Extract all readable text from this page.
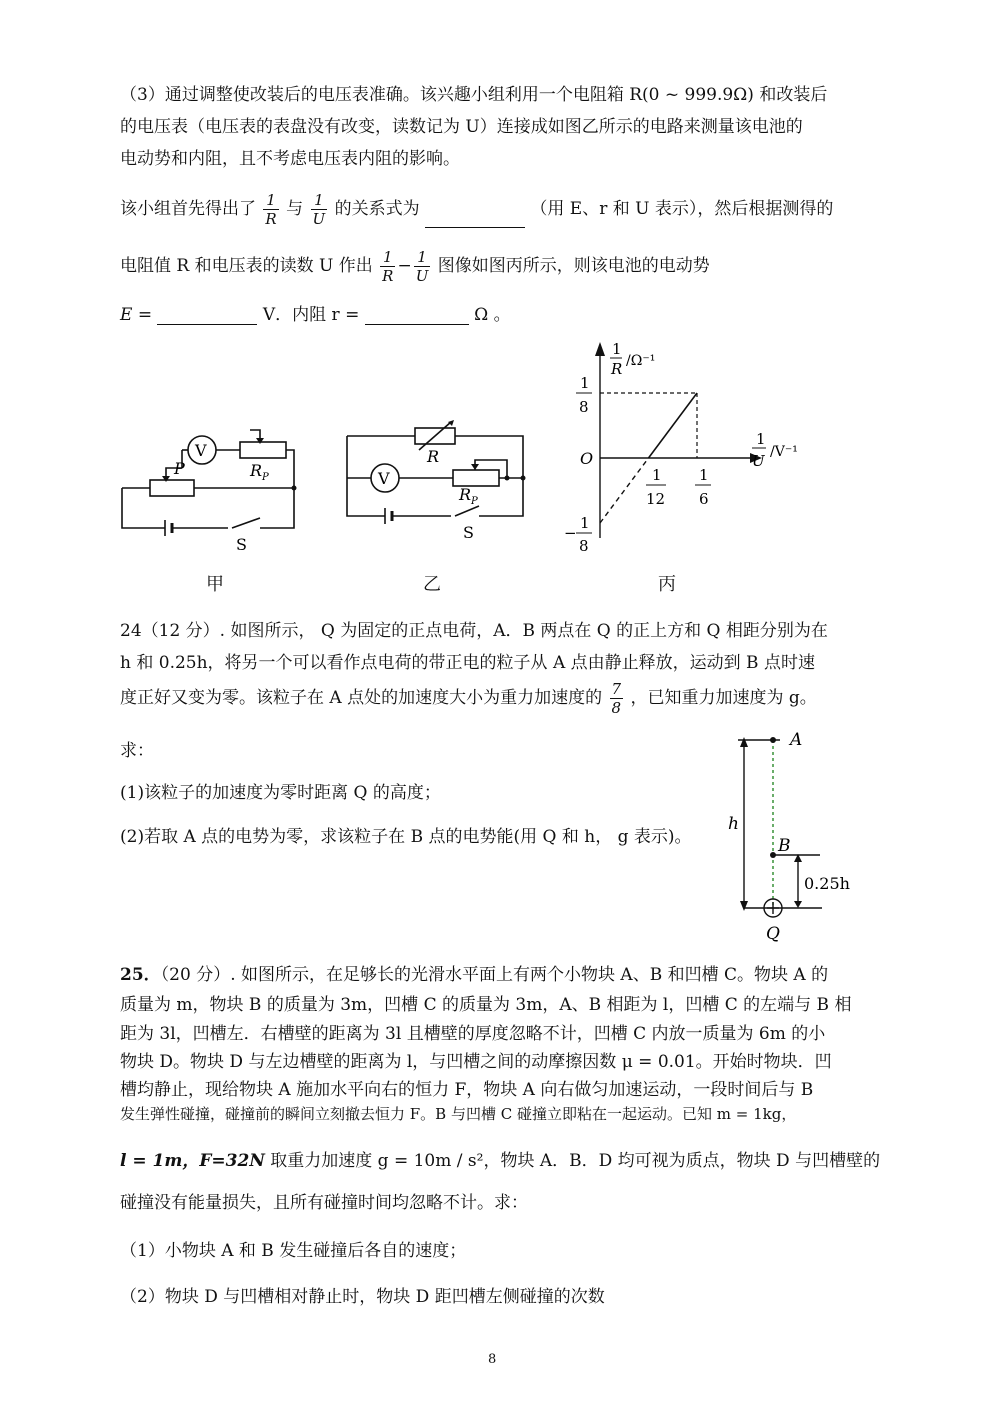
（3）通过调整使改装后的电压表准确。该兴趣小组利用一个电阻箱 R(0 ~ 999.9Ω) 和改装后
的电压表（电压表的表盘没有改变，读数记为 U）连接成如图乙所示的电路来测量该电池的
电动势和内阻，且不考虑电压表内阻的影响。
该小组首先得出了 $\frac{1}{R}$ 与 $\frac{1}{U}$ 的关系式为	（用 E、r 和 U 表示），然后根据测得的
电阻值 R 和电压表的读数 U 作出 $\frac{1}{R} - \frac{1}{U}$ 图像如图丙所示，则该电池的电动势
E =	V．内阻 r =	Ω 。
V
P	R P
S
甲
V
R
R P
S
乙
1
R /Ω⁻¹
1
U /V⁻¹
O
1
8
−
1
8
1
12
1
6
丙
24（12 分）. 如图所示， Q 为固定的正点电荷，A．B 两点在 Q 的正上方和 Q 相距分别为在
h 和 0.25h，将另一个可以看作点电荷的带正电的粒子从 A 点由静止释放，运动到 B 点时速
度正好又变为零。该粒子在 A 点处的加速度大小为重力加速度的 $\frac{7}{8}$ ，已知重力加速度为 g。
求：
(1)该粒子的加速度为零时距离 Q 的高度；
(2)若取 A 点的电势为零，求该粒子在 B 点的电势能(用 Q 和 h， g 表示)。
A
B
h
0.25h
Q
25．（20 分）. 如图所示，在足够长的光滑水平面上有两个小物块 A、B 和凹槽 C。物块 A 的
质量为 m，物块 B 的质量为 3m，凹槽 C 的质量为 3m，A、B 相距为 l，凹槽 C 的左端与 B 相
距为 3l，凹槽左．右槽壁的距离为 3l 且槽壁的厚度忽略不计，凹槽 C 内放一质量为 6m 的小
物块 D。物块 D 与左边槽壁的距离为 l，与凹槽之间的动摩擦因数 μ = 0.01。开始时物块．凹
槽均静止，现给物块 A 施加水平向右的恒力 F，物块 A 向右做匀加速运动，一段时间后与 B
发生弹性碰撞，碰撞前的瞬间立刻撤去恒力 F。B 与凹槽 C 碰撞立即粘在一起运动。已知 m = 1kg，
l = 1m，F=32N 取重力加速度 g = 10m / s²，物块 A．B．D 均可视为质点，物块 D 与凹槽壁的
碰撞没有能量损失，且所有碰撞时间均忽略不计。求：
（1）小物块 A 和 B 发生碰撞后各自的速度；
（2）物块 D 与凹槽相对静止时，物块 D 距凹槽左侧碰撞的次数
8
